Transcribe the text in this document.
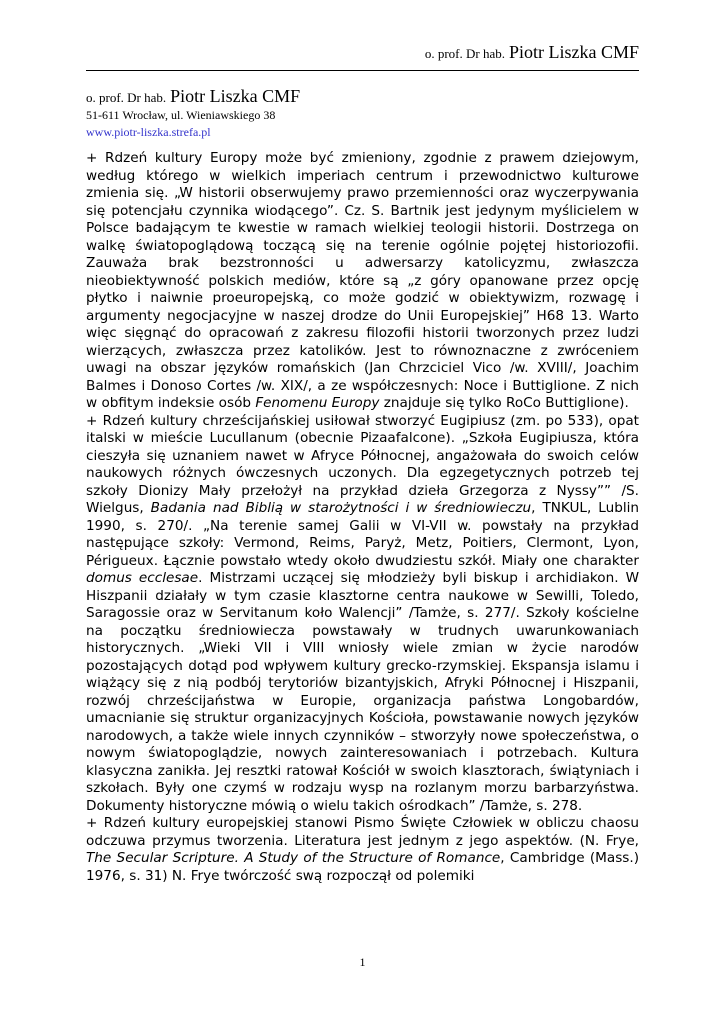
o. prof. Dr hab. Piotr Liszka CMF
o. prof. Dr hab. Piotr Liszka CMF
51-611 Wrocław, ul. Wieniawskiego 38
www.piotr-liszka.strefa.pl

+ Rdzeń kultury Europy może być zmieniony, zgodnie z prawem dziejowym, według którego w wielkich imperiach centrum i przewodnictwo kulturowe zmienia się. „W historii obserwujemy prawo przemienności oraz wyczerpywania się potencjału czynnika wiodącego”. Cz. S. Bartnik jest jedynym myślicielem w Polsce badającym te kwestie w ramach wielkiej teologii historii. Dostrzega on walkę światopoglądową toczącą się na terenie ogólnie pojętej historiozofii. Zauważa brak bezstronności u adwersarzy katolicyzmu, zwłaszcza nieobiektywność polskich mediów, które są „z góry opanowane przez opcję płytko i naiwnie proeuropejską, co może godzić w obiektywizm, rozwagę i argumenty negocjacyjne w naszej drodze do Unii Europejskiej” H68 13. Warto więc sięgnąć do opracowań z zakresu filozofii historii tworzonych przez ludzi wierzących, zwłaszcza przez katolików. Jest to równoznaczne z zwróceniem uwagi na obszar języków romańskich (Jan Chrzciciel Vico /w. XVIII/, Joachim Balmes i Donoso Cortes /w. XIX/, a ze współczesnych: Noce i Buttiglione. Z nich w obfitym indeksie osób Fenomenu Europy znajduje się tylko RoCo Buttiglione).

+ Rdzeń kultury chrześcijańskiej usiłował stworzyć Eugipiusz (zm. po 533), opat italski w mieście Lucullanum (obecnie Pizaafalcone). „Szkoła Eugipiusza, która cieszyła się uznaniem nawet w Afryce Północnej, angażowała do swoich celów naukowych różnych ówczesnych uczonych. Dla egzegetycznych potrzeb tej szkoły Dionizy Mały przełożył na przykład dzieła Grzegorza z Nyssy”” /S. Wielgus, Badania nad Biblią w starożytności i w średniowieczu, TNKUL, Lublin 1990, s. 270/. „Na terenie samej Galii w VI-VII w. powstały na przykład następujące szkoły: Vermond, Reims, Paryż, Metz, Poitiers, Clermont, Lyon, Périgueux. Łącznie powstało wtedy około dwudziestu szkół. Miały one charakter domus ecclesae. Mistrzami uczącej się młodzieży byli biskup i archidiakon. W Hiszpanii działały w tym czasie klasztorne centra naukowe w Sewilli, Toledo, Saragossie oraz w Servitanum koło Walencji” /Tamże, s. 277/. Szkoły kościelne na początku średniowiecza powstawały w trudnych uwarunkowaniach historycznych. „Wieki VII i VIII wniosły wiele zmian w życie narodów pozostających dotąd pod wpływem kultury grecko-rzymskiej. Ekspansja islamu i wiążący się z nią podbój terytoriów bizantyjskich, Afryki Północnej i Hiszpanii, rozwój chrześcijaństwa w Europie, organizacja państwa Longobardów, umacnianie się struktur organizacyjnych Kościoła, powstawanie nowych języków narodowych, a także wiele innych czynników – stworzyły nowe społeczeństwa, o nowym światopoglądzie, nowych zainteresowaniach i potrzebach. Kultura klasyczna zanikła. Jej resztki ratował Kościół w swoich klasztorach, świątyniach i szkołach. Były one czymś w rodzaju wysp na rozlanym morzu barbarzyństwa. Dokumenty historyczne mówią o wielu takich ośrodkach” /Tamże, s. 278.

+ Rdzeń kultury europejskiej stanowi Pismo Święte Człowiek w obliczu chaosu odczuwa przymus tworzenia. Literatura jest jednym z jego aspektów. (N. Frye, The Secular Scripture. A Study of the Structure of Romance, Cambridge (Mass.) 1976, s. 31) N. Frye twórczość swą rozpoczął od polemiki

1
